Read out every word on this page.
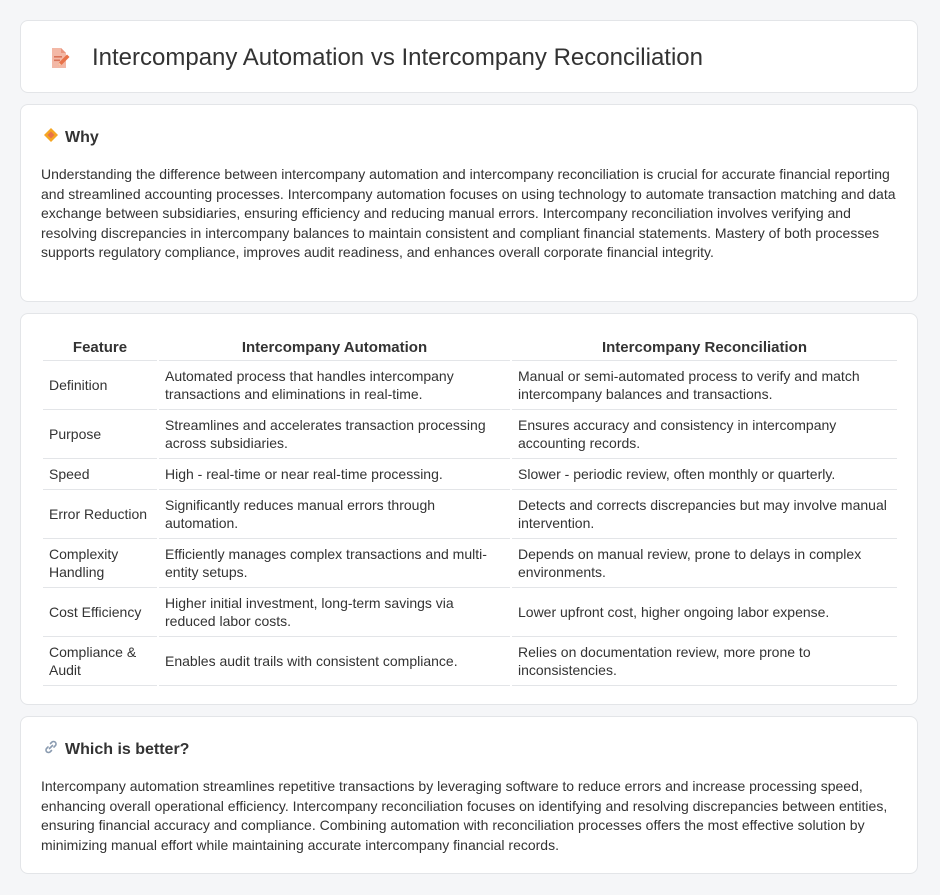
Intercompany Automation vs Intercompany Reconciliation
Why

Understanding the difference between intercompany automation and intercompany reconciliation is crucial for accurate financial reporting and streamlined accounting processes. Intercompany automation focuses on using technology to automate transaction matching and data exchange between subsidiaries, ensuring efficiency and reducing manual errors. Intercompany reconciliation involves verifying and resolving discrepancies in intercompany balances to maintain consistent and compliant financial statements. Mastery of both processes supports regulatory compliance, improves audit readiness, and enhances overall corporate financial integrity.

Feature	Intercompany Automation	Intercompany Reconciliation
Definition	Automated process that handles intercompany transactions and eliminations in real-time.	Manual or semi-automated process to verify and match intercompany balances and transactions.
Purpose	Streamlines and accelerates transaction processing across subsidiaries.	Ensures accuracy and consistency in intercompany accounting records.
Speed	High - real-time or near real-time processing.	Slower - periodic review, often monthly or quarterly.
Error Reduction	Significantly reduces manual errors through automation.	Detects and corrects discrepancies but may involve manual intervention.
Complexity Handling	Efficiently manages complex transactions and multi-entity setups.	Depends on manual review, prone to delays in complex environments.
Cost Efficiency	Higher initial investment, long-term savings via reduced labor costs.	Lower upfront cost, higher ongoing labor expense.
Compliance & Audit	Enables audit trails with consistent compliance.	Relies on documentation review, more prone to inconsistencies.
Which is better?

Intercompany automation streamlines repetitive transactions by leveraging software to reduce errors and increase processing speed, enhancing overall operational efficiency. Intercompany reconciliation focuses on identifying and resolving discrepancies between entities, ensuring financial accuracy and compliance. Combining automation with reconciliation processes offers the most effective solution by minimizing manual effort while maintaining accurate intercompany financial records.
